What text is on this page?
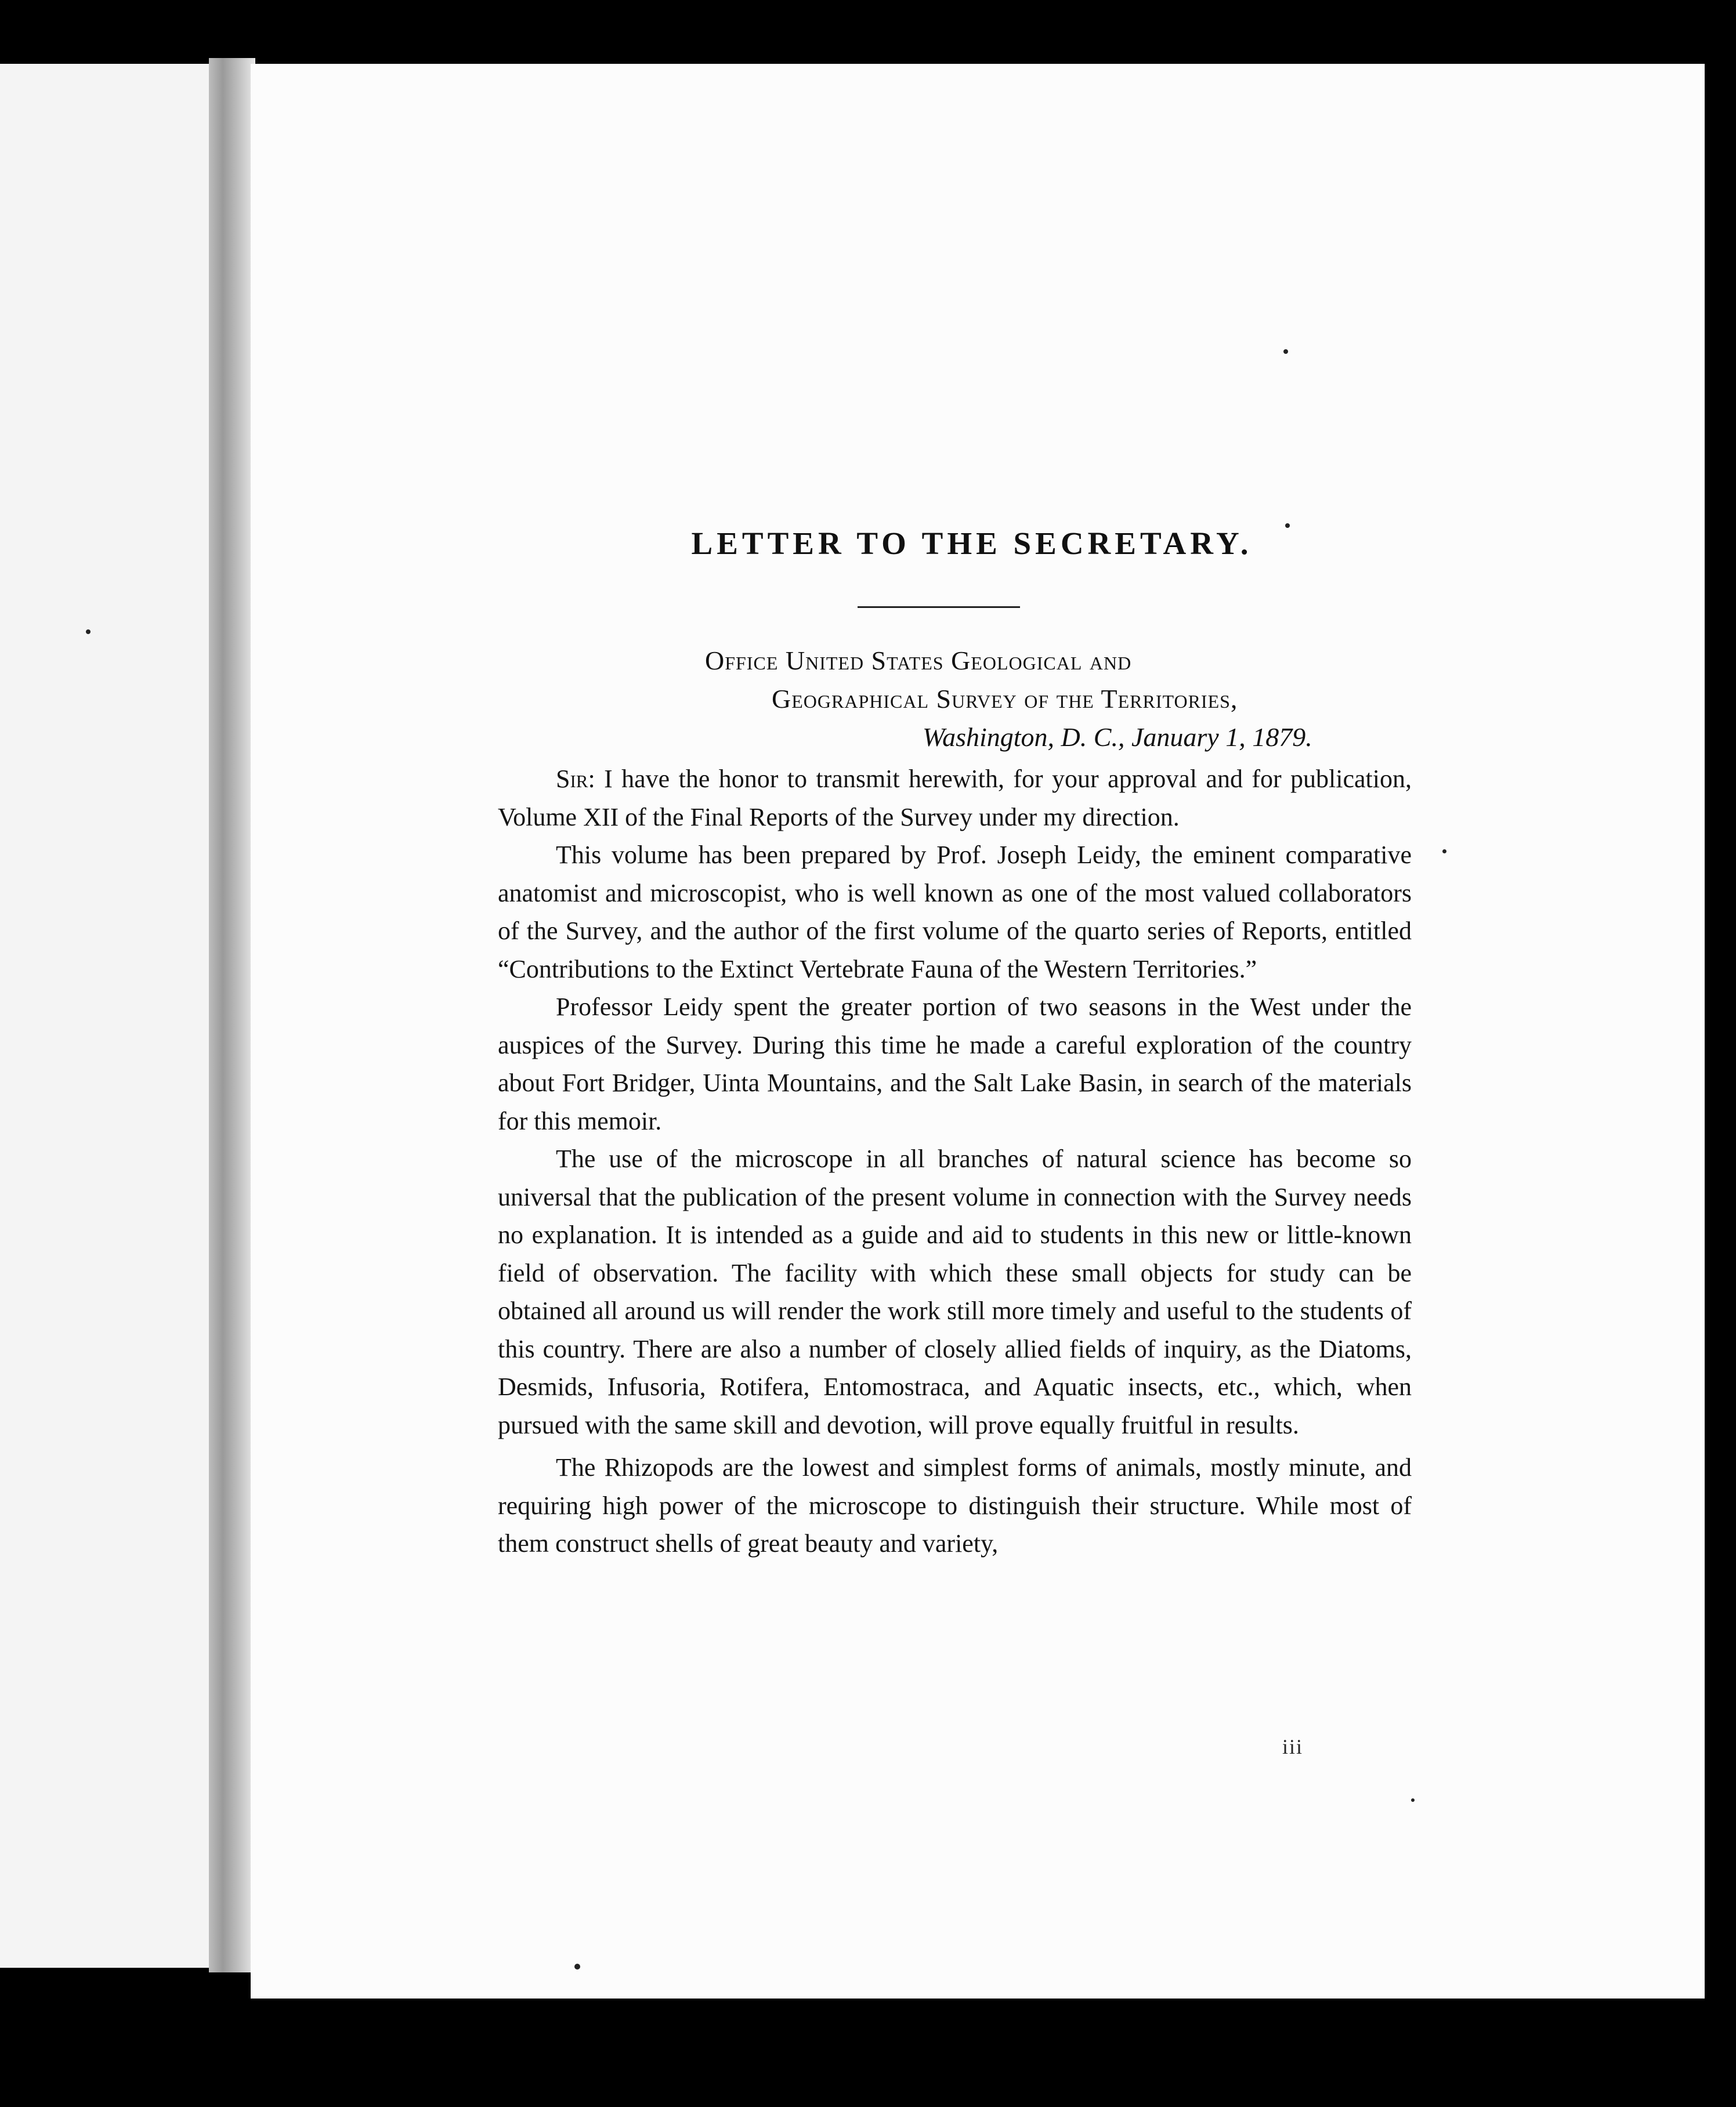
LETTER TO THE SECRETARY.
Office United States Geological and
Geographical Survey of the Territories,
Washington, D. C., January 1, 1879.

Sir: I have the honor to transmit herewith, for your approval and for publication, Volume XII of the Final Reports of the Survey under my direction.

This volume has been prepared by Prof. Joseph Leidy, the eminent comparative anatomist and microscopist, who is well known as one of the most valued collaborators of the Survey, and the author of the first volume of the quarto series of Reports, entitled “Contributions to the Extinct Vertebrate Fauna of the Western Territories.”

Professor Leidy spent the greater portion of two seasons in the West under the auspices of the Survey. During this time he made a careful exploration of the country about Fort Bridger, Uinta Mountains, and the Salt Lake Basin, in search of the materials for this memoir.

The use of the microscope in all branches of natural science has become so universal that the publication of the present volume in connection with the Survey needs no explanation. It is intended as a guide and aid to students in this new or little-known field of observation. The facility with which these small objects for study can be obtained all around us will render the work still more timely and useful to the students of this country. There are also a number of closely allied fields of inquiry, as the Diatoms, Desmids, Infusoria, Rotifera, Entomostraca, and Aquatic insects, etc., which, when pursued with the same skill and devotion, will prove equally fruitful in results.

The Rhizopods are the lowest and simplest forms of animals, mostly minute, and requiring high power of the microscope to distinguish their structure. While most of them construct shells of great beauty and variety,

iii
